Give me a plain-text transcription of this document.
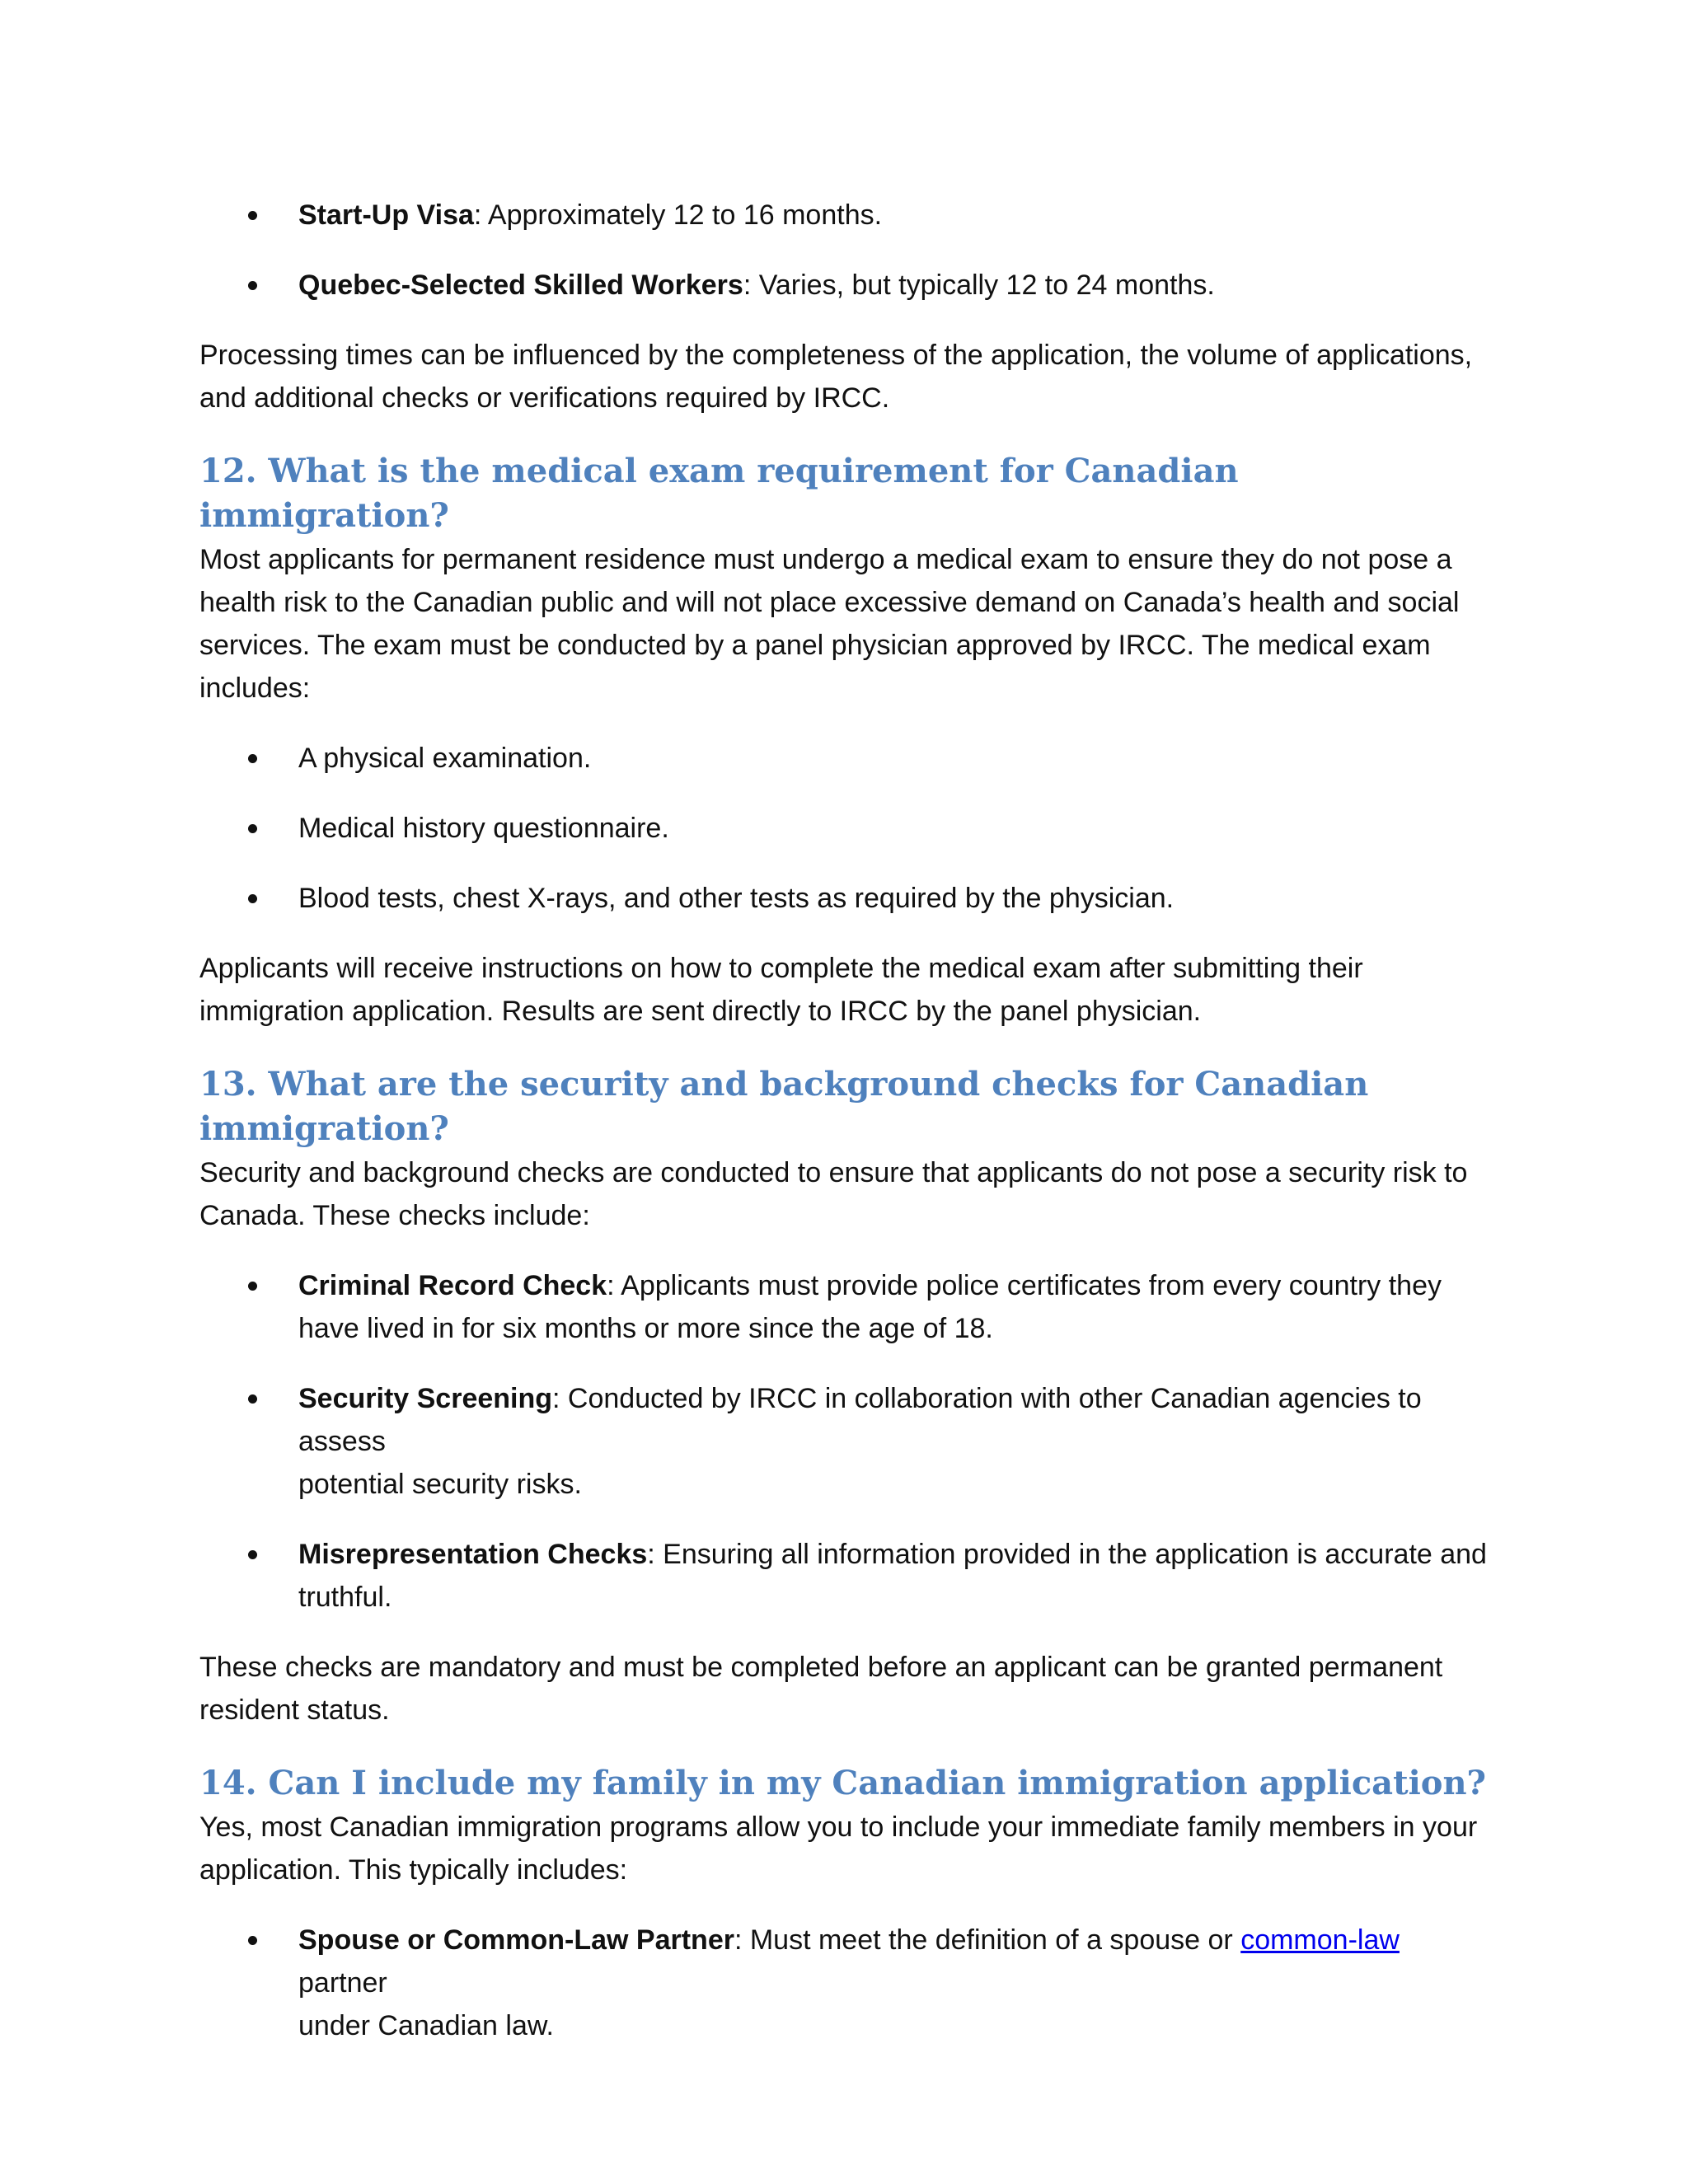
Start-Up Visa: Approximately 12 to 16 months.
Quebec-Selected Skilled Workers: Varies, but typically 12 to 24 months.

Processing times can be influenced by the completeness of the application, the volume of applications,
and additional checks or verifications required by IRCC.

12. What is the medical exam requirement for Canadian immigration?

Most applicants for permanent residence must undergo a medical exam to ensure they do not pose a
health risk to the Canadian public and will not place excessive demand on Canada’s health and social
services. The exam must be conducted by a panel physician approved by IRCC. The medical exam
includes:

A physical examination.
Medical history questionnaire.
Blood tests, chest X-rays, and other tests as required by the physician.

Applicants will receive instructions on how to complete the medical exam after submitting their
immigration application. Results are sent directly to IRCC by the panel physician.

13. What are the security and background checks for Canadian immigration?

Security and background checks are conducted to ensure that applicants do not pose a security risk to
Canada. These checks include:

Criminal Record Check: Applicants must provide police certificates from every country they
have lived in for six months or more since the age of 18.
Security Screening: Conducted by IRCC in collaboration with other Canadian agencies to assess
potential security risks.
Misrepresentation Checks: Ensuring all information provided in the application is accurate and
truthful.

These checks are mandatory and must be completed before an applicant can be granted permanent
resident status.

14. Can I include my family in my Canadian immigration application?

Yes, most Canadian immigration programs allow you to include your immediate family members in your
application. This typically includes:

Spouse or Common-Law Partner: Must meet the definition of a spouse or common-law partner
under Canadian law.
